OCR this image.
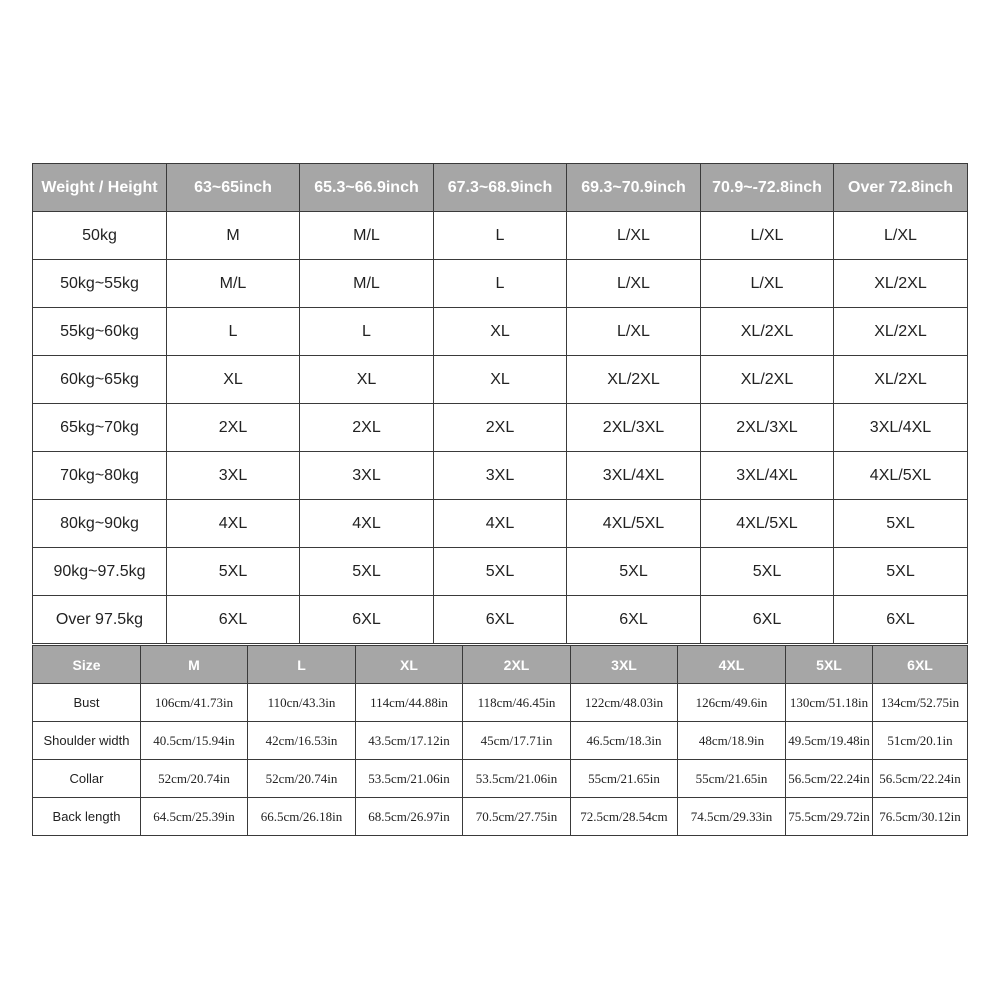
Weight / Height	63~65inch	65.3~66.9inch	67.3~68.9inch	69.3~70.9inch	70.9~-72.8inch	Over 72.8inch
50kg	M	M/L	L	L/XL	L/XL	L/XL
50kg~55kg	M/L	M/L	L	L/XL	L/XL	XL/2XL
55kg~60kg	L	L	XL	L/XL	XL/2XL	XL/2XL
60kg~65kg	XL	XL	XL	XL/2XL	XL/2XL	XL/2XL
65kg~70kg	2XL	2XL	2XL	2XL/3XL	2XL/3XL	3XL/4XL
70kg~80kg	3XL	3XL	3XL	3XL/4XL	3XL/4XL	4XL/5XL
80kg~90kg	4XL	4XL	4XL	4XL/5XL	4XL/5XL	5XL
90kg~97.5kg	5XL	5XL	5XL	5XL	5XL	5XL
Over 97.5kg	6XL	6XL	6XL	6XL	6XL	6XL
Size	M	L	XL	2XL	3XL	4XL	5XL	6XL
Bust	106cm/41.73in	110cn/43.3in	114cm/44.88in	118cm/46.45in	122cm/48.03in	126cm/49.6in	130cm/51.18in	134cm/52.75in
Shoulder width	40.5cm/15.94in	42cm/16.53in	43.5cm/17.12in	45cm/17.71in	46.5cm/18.3in	48cm/18.9in	49.5cm/19.48in	51cm/20.1in
Collar	52cm/20.74in	52cm/20.74in	53.5cm/21.06in	53.5cm/21.06in	55cm/21.65in	55cm/21.65in	56.5cm/22.24in	56.5cm/22.24in
Back length	64.5cm/25.39in	66.5cm/26.18in	68.5cm/26.97in	70.5cm/27.75in	72.5cm/28.54cm	74.5cm/29.33in	75.5cm/29.72in	76.5cm/30.12in
